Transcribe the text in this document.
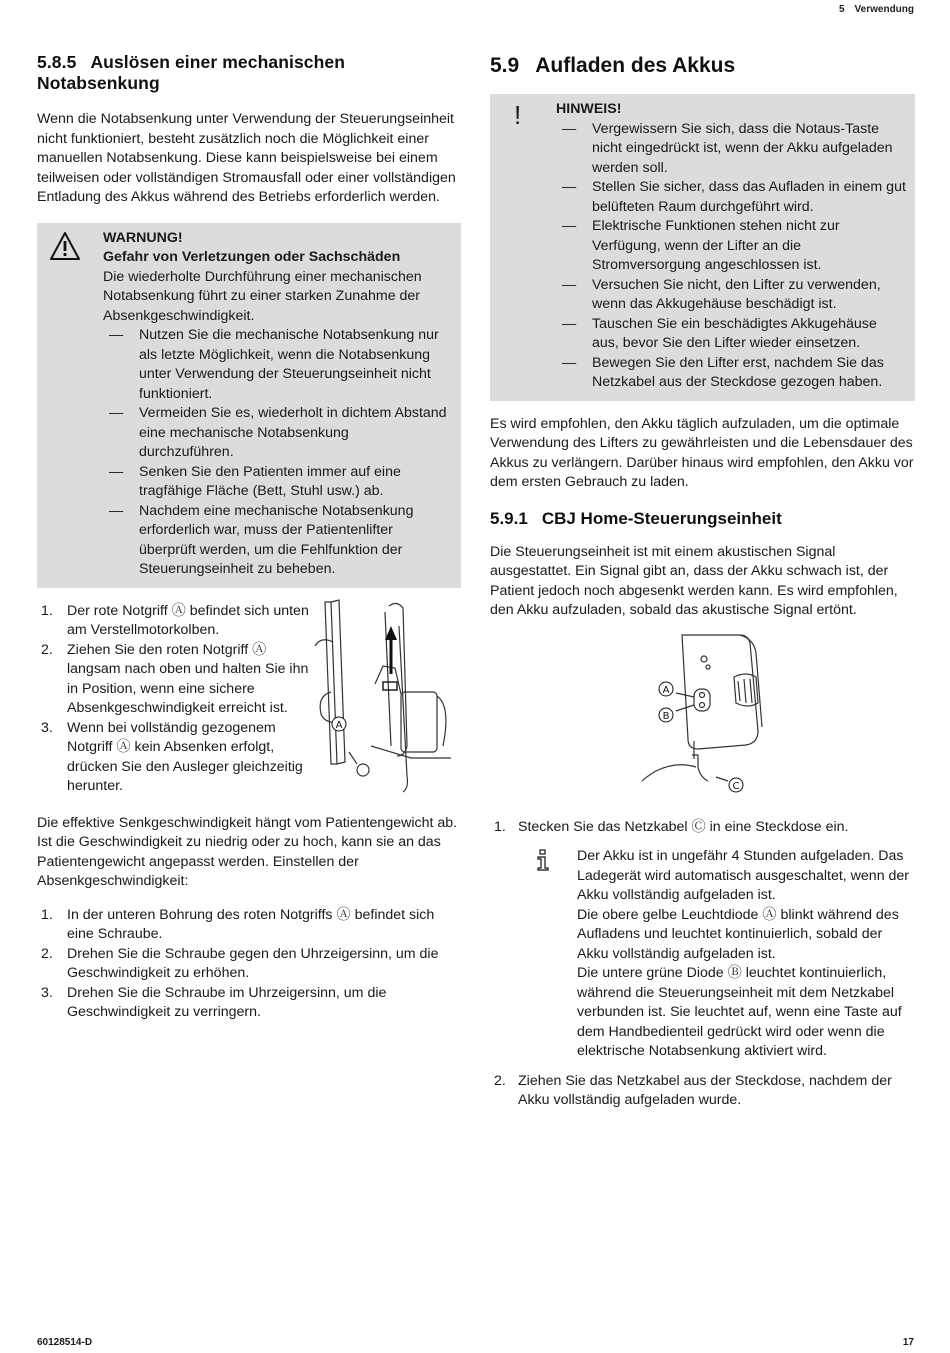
5 Verwendung
5.8.5 Auslösen einer mechanischen Notabsenkung

Wenn die Notabsenkung unter Verwendung der Steuerungseinheit nicht funktioniert, besteht zusätzlich noch die Möglichkeit einer manuellen Notabsenkung. Diese kann beispielsweise bei einem teilweisen oder vollständigen Stromausfall oder einer vollständigen Entladung des Akkus während des Betriebs erforderlich werden.

WARNUNG!
Gefahr von Verletzungen oder Sachschäden
Die wiederholte Durchführung einer mechanischen Notabsenkung führt zu einer starken Zunahme der Absenkgeschwindigkeit.
— Nutzen Sie die mechanische Notabsenkung nur als letzte Möglichkeit, wenn die Notabsenkung unter Verwendung der Steuerungseinheit nicht funktioniert.
— Vermeiden Sie es, wiederholt in dichtem Abstand eine mechanische Notabsenkung durchzuführen.
— Senken Sie den Patienten immer auf eine tragfähige Fläche (Bett, Stuhl usw.) ab.
— Nachdem eine mechanische Notabsenkung erforderlich war, muss der Patientenlifter überprüft werden, um die Fehlfunktion der Steuerungseinheit zu beheben.
1. Der rote Notgriff Ⓐ befindet sich unten am Verstellmotorkolben.
2. Ziehen Sie den roten Notgriff Ⓐ langsam nach oben und halten Sie ihn in Position, wenn eine sichere Absenkgeschwindigkeit erreicht ist.
3. Wenn bei vollständig gezogenem Notgriff Ⓐ kein Absenken erfolgt, drücken Sie den Ausleger gleichzeitig herunter.
A

Die effektive Senkgeschwindigkeit hängt vom Patientengewicht ab. Ist die Geschwindigkeit zu niedrig oder zu hoch, kann sie an das Patientengewicht angepasst werden. Einstellen der Absenkgeschwindigkeit:

1. In der unteren Bohrung des roten Notgriffs Ⓐ befindet sich eine Schraube.
2. Drehen Sie die Schraube gegen den Uhrzeigersinn, um die Geschwindigkeit zu erhöhen.
3. Drehen Sie die Schraube im Uhrzeigersinn, um die Geschwindigkeit zu verringern.
5.9 Aufladen des Akkus
! HINWEIS!
— Vergewissern Sie sich, dass die Notaus-Taste nicht eingedrückt ist, wenn der Akku aufgeladen werden soll.
— Stellen Sie sicher, dass das Aufladen in einem gut belüfteten Raum durchgeführt wird.
— Elektrische Funktionen stehen nicht zur Verfügung, wenn der Lifter an die Stromversorgung angeschlossen ist.
— Versuchen Sie nicht, den Lifter zu verwenden, wenn das Akkugehäuse beschädigt ist.
— Tauschen Sie ein beschädigtes Akkugehäuse aus, bevor Sie den Lifter wieder einsetzen.
— Bewegen Sie den Lifter erst, nachdem Sie das Netzkabel aus der Steckdose gezogen haben.

Es wird empfohlen, den Akku täglich aufzuladen, um die optimale Verwendung des Lifters zu gewährleisten und die Lebensdauer des Akkus zu verlängern. Darüber hinaus wird empfohlen, den Akku vor dem ersten Gebrauch zu laden.

5.9.1 CBJ Home-Steuerungseinheit

Die Steuerungseinheit ist mit einem akustischen Signal ausgestattet. Ein Signal gibt an, dass der Akku schwach ist, der Patient jedoch noch abgesenkt werden kann. Es wird empfohlen, den Akku aufzuladen, sobald das akustische Signal ertönt.

A
B
C
1. Stecken Sie das Netzkabel Ⓒ in eine Steckdose ein.

Der Akku ist in ungefähr 4 Stunden aufgeladen. Das Ladegerät wird automatisch ausgeschaltet, wenn der Akku vollständig aufgeladen ist.

Die obere gelbe Leuchtdiode Ⓐ blinkt während des Aufladens und leuchtet kontinuierlich, sobald der Akku vollständig aufgeladen ist.

Die untere grüne Diode Ⓑ leuchtet kontinuierlich, während die Steuerungseinheit mit dem Netzkabel verbunden ist. Sie leuchtet auf, wenn eine Taste auf dem Handbedienteil gedrückt wird oder wenn die elektrische Notabsenkung aktiviert wird.

2. Ziehen Sie das Netzkabel aus der Steckdose, nachdem der Akku vollständig aufgeladen wurde.
60128514-D	17
